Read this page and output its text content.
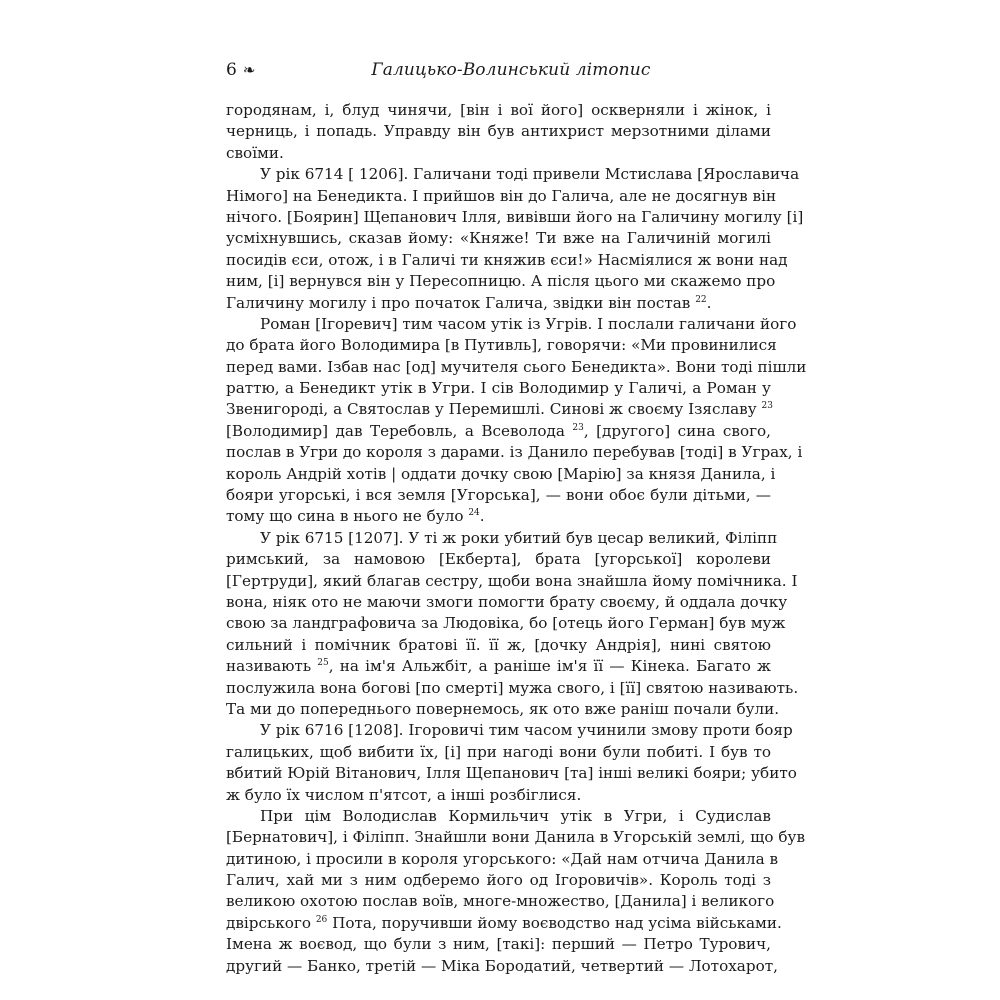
6 ❧	Галицько-Волинський літопис
городянам, і, блуд чинячи, [він і вої його] оскверняли і жінок, і
черниць, і попадь. Управду він був антихрист мерзотними ділами
своїми.
У рік 6714 [ 1206]. Галичани тоді привели Мстислава [Ярославича
Німого] на Бенедикта. І прийшов він до Галича, але не досягнув він
нічого. [Боярин] Щепанович Ілля, вивівши його на Галичину могилу [і]
усміхнувшись, сказав йому: «Княже! Ти вже на Галичиній могилі
посидів єси, отож, і в Галичі ти княжив єси!» Насміялися ж вони над
ним, [і] вернувся він у Пересопницю. А після цього ми скажемо про
Галичину могилу і про початок Галича, звідки він постав $^{22}$.
Роман [Ігоревич] тим часом утік із Угрів. І послали галичани його
до брата його Володимира [в Путивль], говорячи: «Ми провинилися
перед вами. Ізбав нас [од] мучителя сього Бенедикта». Вони тоді пішли
раттю, а Бенедикт утік в Угри. І сів Володимир у Галичі, а Роман у
Звенигороді, а Святослав у Перемишлі. Синові ж своєму Ізяславу $^{23}$
[Володимир] дав Теребовль, а Всеволода $^{23}$, [другого] сина свого,
послав в Угри до короля з дарами. із Данило перебував [тоді] в Уграх, і
король Андрій хотів | оддати дочку свою [Марію] за князя Данила, і
бояри угорські, і вся земля [Угорська], — вони обоє були дітьми, —
тому що сина в нього не було $^{24}$.
У рік 6715 [1207]. У ті ж роки убитий був цесар великий, Філіпп
римський, за намовою [Екберта], брата [угорської] королеви
[Гертруди], який благав сестру, щоби вона знайшла йому помічника. І
вона, ніяк ото не маючи змоги помогти брату своєму, й оддала дочку
свою за ландграфовича за Людовіка, бо [отець його Герман] був муж
сильний і помічник братові її. її ж, [дочку Андрія], нині святою
називають $^{25}$, на ім'я Альжбіт, а раніше ім'я її — Кінека. Багато ж
послужила вона богові [по смерті] мужа свого, і [її] святою називають.
Та ми до попереднього повернемось, як ото вже раніш почали були.
У рік 6716 [1208]. Ігоровичі тим часом учинили змову проти бояр
галицьких, щоб вибити їх, [і] при нагоді вони були побиті. І був то
вбитий Юрій Вітанович, Ілля Щепанович [та] інші великі бояри; убито
ж було їх числом п'ятсот, а інші розбіглися.
При цім Володислав Кормильчич утік в Угри, і Судислав
[Бернатович], і Філіпп. Знайшли вони Данила в Угорській землі, що був
дитиною, і просили в короля угорського: «Дай нам отчича Данила в
Галич, хай ми з ним одберемо його од Ігоровичів». Король тоді з
великою охотою послав воїв, многе-множество, [Данила] і великого
двірського $^{26}$ Пота, поручивши йому воєводство над усіма військами.
Імена ж воєвод, що були з ним, [такі]: перший — Петро Турович,
другий — Банко, третій — Міка Бородатий, четвертий — Лотохарот,
